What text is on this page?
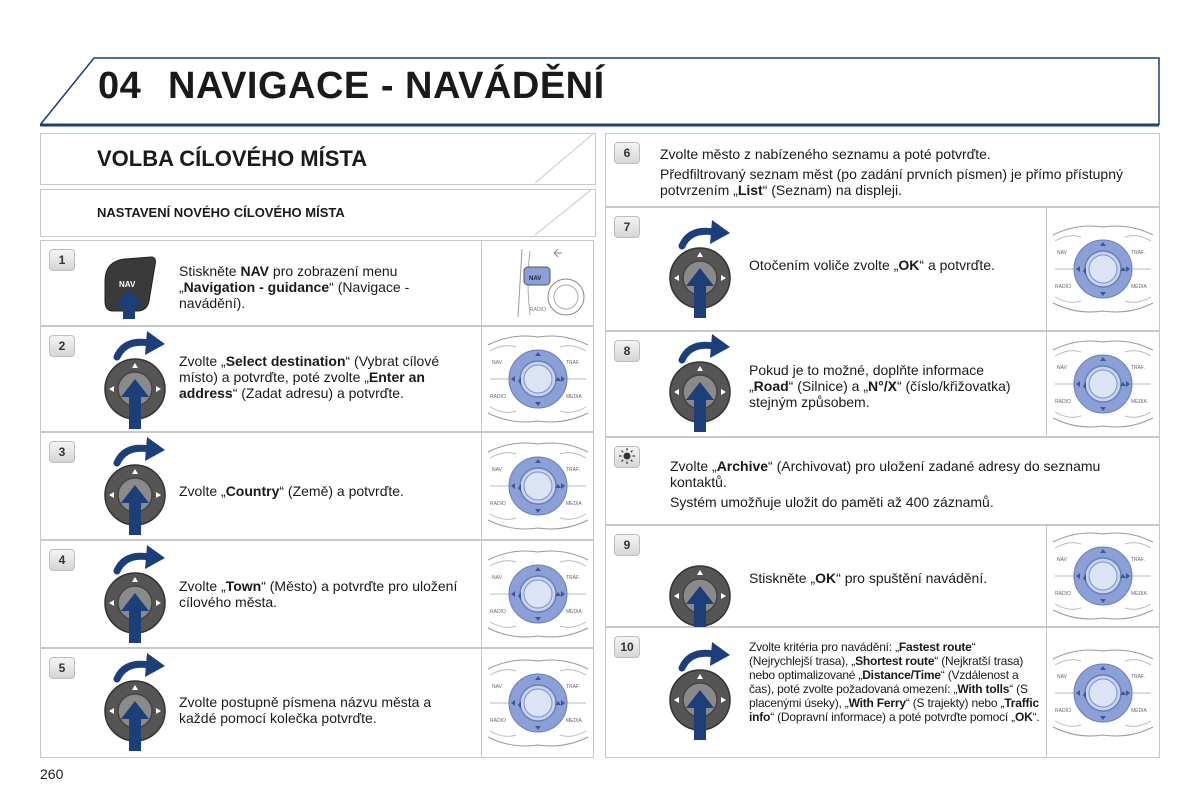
04 NAVIGACE - NAVÁDĚNÍ
VOLBA CÍLOVÉHO MÍSTA
NASTAVENÍ NOVÉHO CÍLOVÉHO MÍSTA
1
NAV
Stiskněte NAV pro zobrazení menu „Navigation - guidance“ (Navigace - navádění).
NAV
RADIO
2
Zvolte „Select destination“ (Vybrat cílové místo) a potvrďte, poté zvolte „Enter an address“ (Zadat adresu) a potvrďte.
NAV	TRAF.
RADIO	MEDIA
3
Zvolte „Country“ (Země) a potvrďte.
NAV	TRAF.
RADIO	MEDIA
4
Zvolte „Town“ (Město) a potvrďte pro uložení cílového města.
NAV	TRAF.
RADIO	MEDIA
5
Zvolte postupně písmena názvu města a každé pomocí kolečka potvrďte.
NAV	TRAF.
RADIO	MEDIA
6	Zvolte město z nabízeného seznamu a poté potvrďte.
Předfiltrovaný seznam měst (po zadání prvních písmen) je přímo přístupný potvrzením „List“ (Seznam) na displeji.
7
Otočením voliče zvolte „OK“ a potvrďte.
NAV	TRAF.
RADIO	MEDIA
8
Pokud je to možné, doplňte informace „Road“ (Silnice) a „N°/X“ (číslo/křižovatka) stejným způsobem.
NAV	TRAF.
RADIO	MEDIA
Zvolte „Archive“ (Archivovat) pro uložení zadané adresy do seznamu kontaktů.
Systém umožňuje uložit do paměti až 400 záznamů.
9
Stiskněte „OK“ pro spuštění navádění.
NAV	TRAF.
RADIO	MEDIA
10	Zvolte kritéria pro navádění: „Fastest route“ (Nejrychlejší trasa), „Shortest route“ (Nejkratší trasa) nebo optimalizované „Distance/Time“ (Vzdálenost a čas), poté zvolte požadovaná omezení: „With tolls“ (S placenými úseky), „With Ferry“ (S trajekty) nebo „Traffic info“ (Dopravní informace) a poté potvrďte pomocí „OK“.
NAV	TRAF.
RADIO	MEDIA
260
